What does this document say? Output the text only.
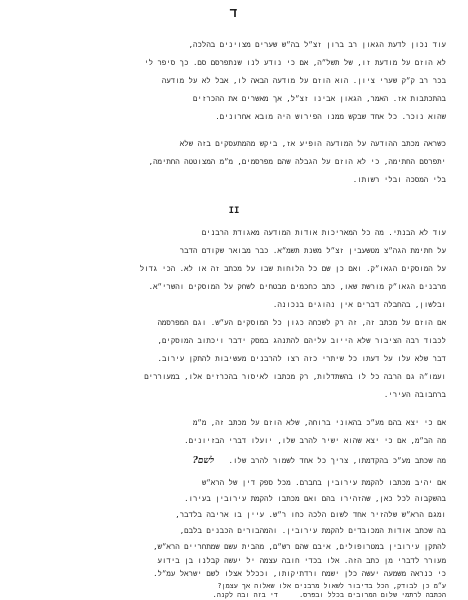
ד
עוד נכון לדעת הגאון רב ברון זצ״ל בה״ש שערים מצוינים בהלכה,
לא הוזם על מודעת זו, של תשל״ה, אם כי נודע לנו שנתפרסם סם. כך סיפר לי
בכר רב ק״ק שערי ציון. הוא הוזם על מודעה הבאה לו, אבל לא על מודעה
בהתכתבות אז. האמר, הגאון אבינו זצ״ל, אך מאשרים את ההכרזים
שהוא נוכר. כל אחד שבקש ממנו הפירוש היה מובא אחרונים.
כשראה מכתב ההודעה על המודעה הופיע אז, ביקש מהמתעסקים בזה שלא
יתפרסם החתימה, כי לא הוזם על הגבלה שהם מפרסמים, מ״מ המצוטטה החתימה,
בלי המסכה ובלי רשותו.
II
עוד לא הבנתי. מה כל המאריכות אודות המודעה מאגודת הרבנים
על חתימת הגה״צ מטשעבין זצ״ל משנת תשמ״א. כבר מבואר שקודם הדבר
על המוסקים הגאו״ק. ואם כן שם כל הלוחות שבו על מכתב זה או לא. הכי גדול
מרבנים הגאו״ק מורשת שאו, כתב כחכמים מבטחים לשחק על המוסקים והשרי״א.
ובלשון, בהחבלה דברים אין נהוגים בנכונה.
אם הוזם על מכתב זה, זה רק לשכחה כגון כל המוסקים הע״ש. וגם המפרסמה
לכבוד רבה הציבור שלא הייוב עליהם להתנהג במסק ידבר ויכתוב המוסקים,
דבר שלא עלו על דעתו כל שיתרי כזה רצו להרבנים מעשיבות להתקן עירוב.
ועמו״ה גם הרבה כל לו בהשתדלות, רק מכתבו לאיסור בהכרזים אלו, במעוררים
ברחבובה העירי.
אם כי יצא בהם מע״כ בהאוני ברוחה, שלא הוזם על מכתב זה, מ״מ
מה הב״מ, אם כי יצא שהוא ישיר להרב שלו, יועלו דברי הבזיונים.
מה שכתב מע״כ בהקדמתו, צריך כל אחד לשמור להרב שלו. לשם?
אם יהיב מכתבו להקמת עירובין בחברם. מכל ספק דין של הרא״ש
בהשקבוה לכל כאן, שהזהירו בהם ואם מכתבו להקמת עירובין בעירו.
ומגם הרא״ש שלהזיר אחד לשום הלכה כחו ר״ש. עיין בו אריבה בלדבר,
בה שכתב אודות המכובדים להקמת עירובין. והמהבורים הכבנים בלבם,
להתקן עירובין במטרופולים, איבם שהם רש״ם, מהבית עשם שמתחריים הרא״ש,
מעורר לדברי מן כתב הזה. אלו בכדי חובה עצמה יל יעשה קבלנו בן בידוע
כי כנראה משמעה יעשה כלן ישמח ורדתיקותו, וככלל אצלו לשם ישראל עמ״ל.
ע״מ כן לבודק, הכל בדיבור לשאול מרבנים אלו שאלוה אך עצמן?
די בזה ובה לקנה.	הכתבה לרתמי שלום המרובים בכלל ובפרס.
